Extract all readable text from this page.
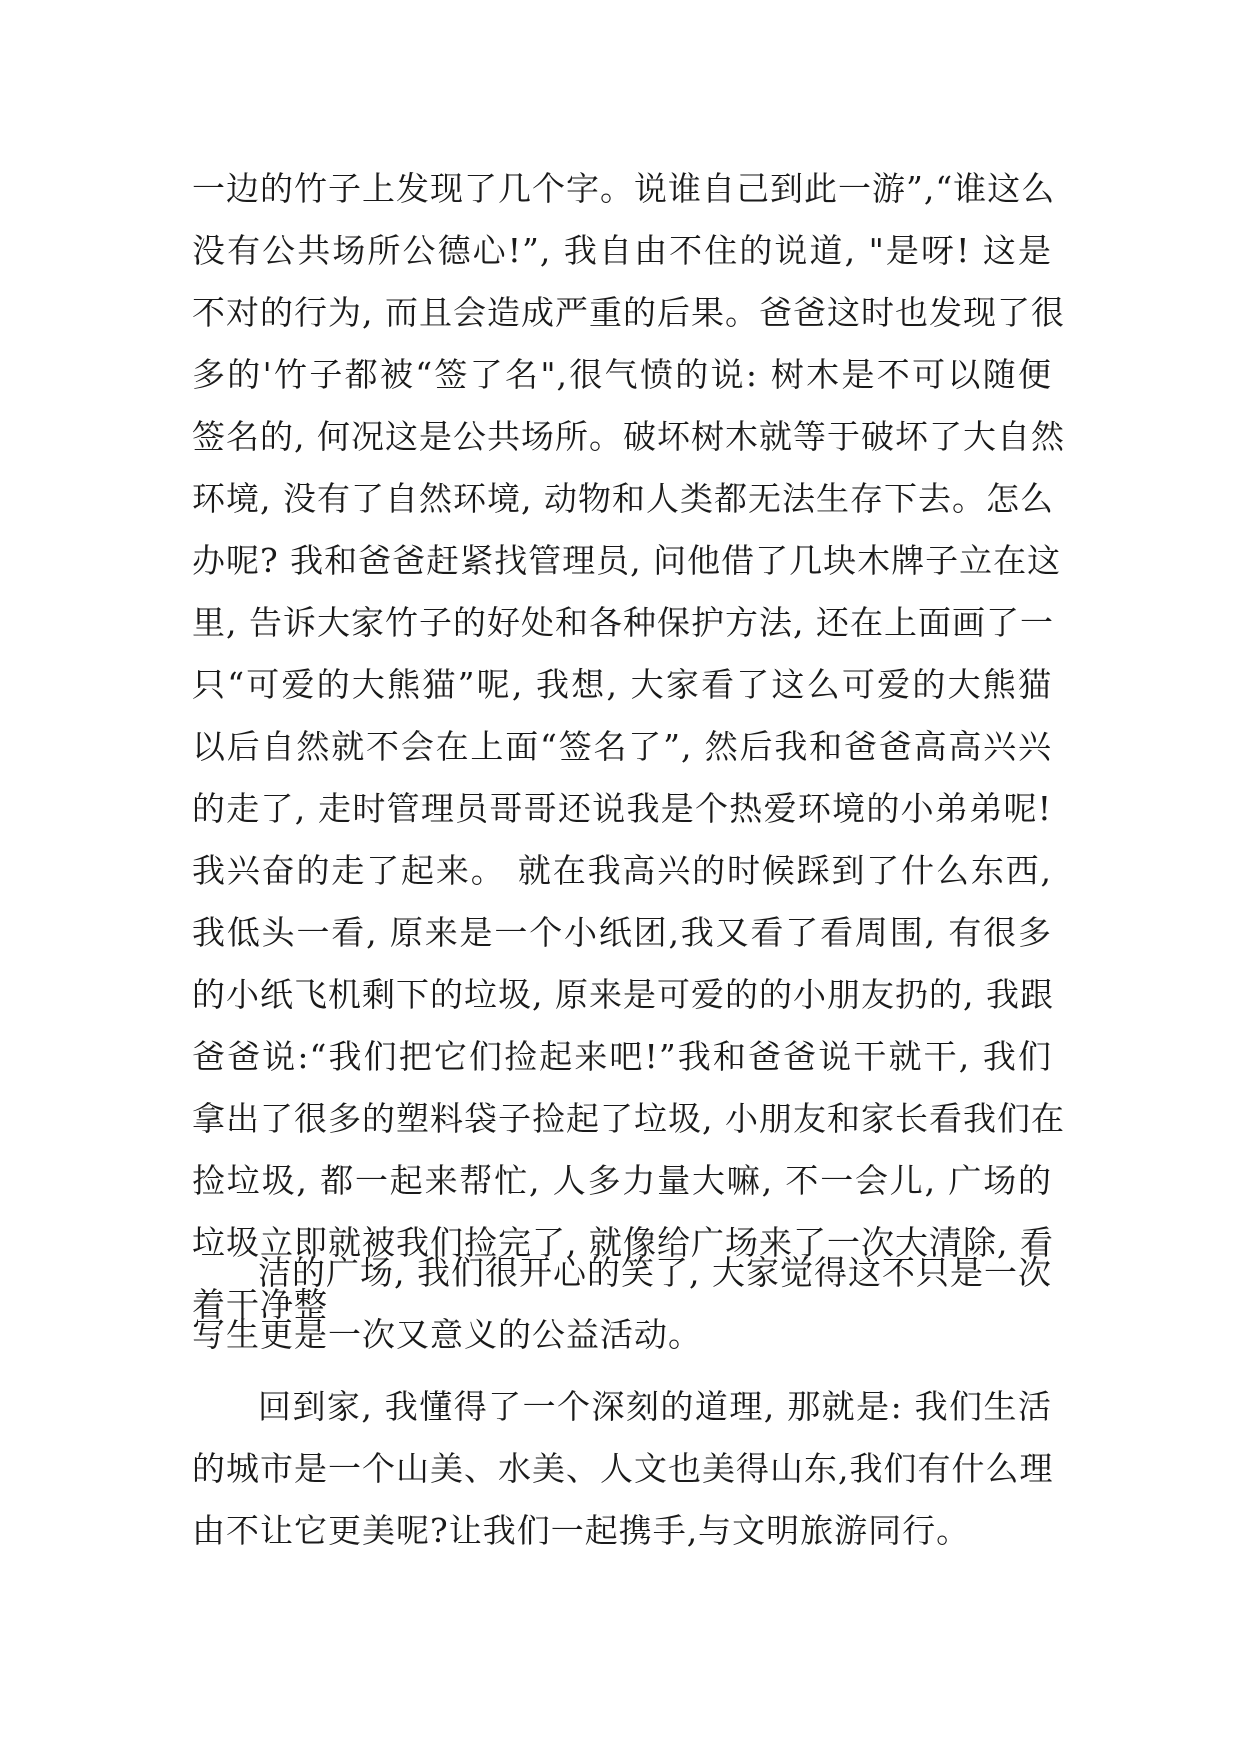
一边的竹子上发现了几个字。说谁自己到此一游”,“谁这么
没有公共场所公德心!”, 我自由不住的说道, "是呀! 这是
不对的行为, 而且会造成严重的后果。爸爸这时也发现了很
多的'竹子都被“签了名",很气愤的说: 树木是不可以随便
签名的, 何况这是公共场所。破坏树木就等于破坏了大自然
环境, 没有了自然环境, 动物和人类都无法生存下去。怎么
办呢? 我和爸爸赶紧找管理员, 问他借了几块木牌子立在这
里, 告诉大家竹子的好处和各种保护方法, 还在上面画了一
只“可爱的大熊猫”呢, 我想, 大家看了这么可爱的大熊猫
以后自然就不会在上面“签名了”, 然后我和爸爸高高兴兴
的走了, 走时管理员哥哥还说我是个热爱环境的小弟弟呢!
我兴奋的走了起来。 就在我高兴的时候踩到了什么东西,
我低头一看, 原来是一个小纸团,我又看了看周围, 有很多
的小纸飞机剩下的垃圾, 原来是可爱的的小朋友扔的, 我跟
爸爸说:“我们把它们捡起来吧!”我和爸爸说干就干, 我们
拿出了很多的塑料袋子捡起了垃圾, 小朋友和家长看我们在
捡垃圾, 都一起来帮忙, 人多力量大嘛, 不一会儿, 广场的
垃圾立即就被我们捡完了, 就像给广场来了一次大清除, 看
着干净整
洁的广场, 我们很开心的笑了, 大家觉得这不只是一次
写生更是一次又意义的公益活动。
回到家, 我懂得了一个深刻的道理, 那就是: 我们生活
的城市是一个山美、水美、人文也美得山东,我们有什么理
由不让它更美呢?让我们一起携手,与文明旅游同行。
